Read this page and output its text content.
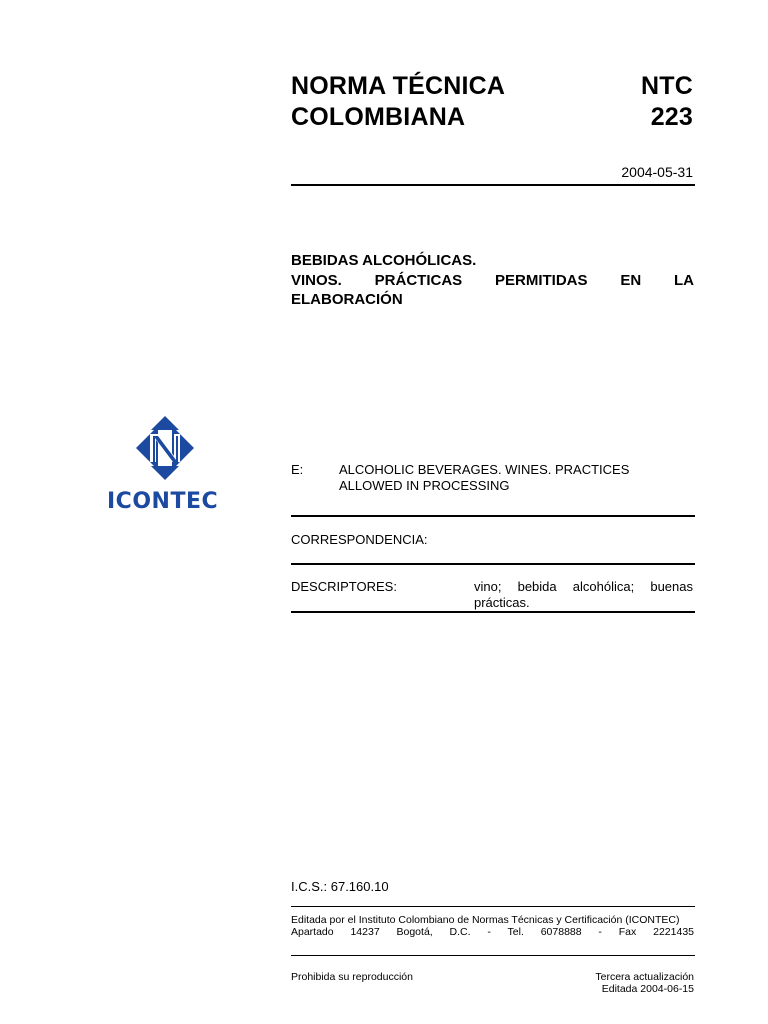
NORMA TÉCNICA
COLOMBIANA
NTC
223
2004-05-31
BEBIDAS ALCOHÓLICAS.
VINOS. PRÁCTICAS PERMITIDAS EN LA
ELABORACIÓN
ICONTEC
E:	ALCOHOLIC BEVERAGES. WINES. PRACTICES ALLOWED IN PROCESSING
CORRESPONDENCIA:
DESCRIPTORES:	vino; bebida alcohólica; buenas
prácticas.
I.C.S.: 67.160.10
Editada por el Instituto Colombiano de Normas Técnicas y Certificación (ICONTEC)
Apartado 14237 Bogotá, D.C. - Tel. 6078888 - Fax 2221435
Prohibida su reproducción	Tercera actualización
Editada 2004-06-15
